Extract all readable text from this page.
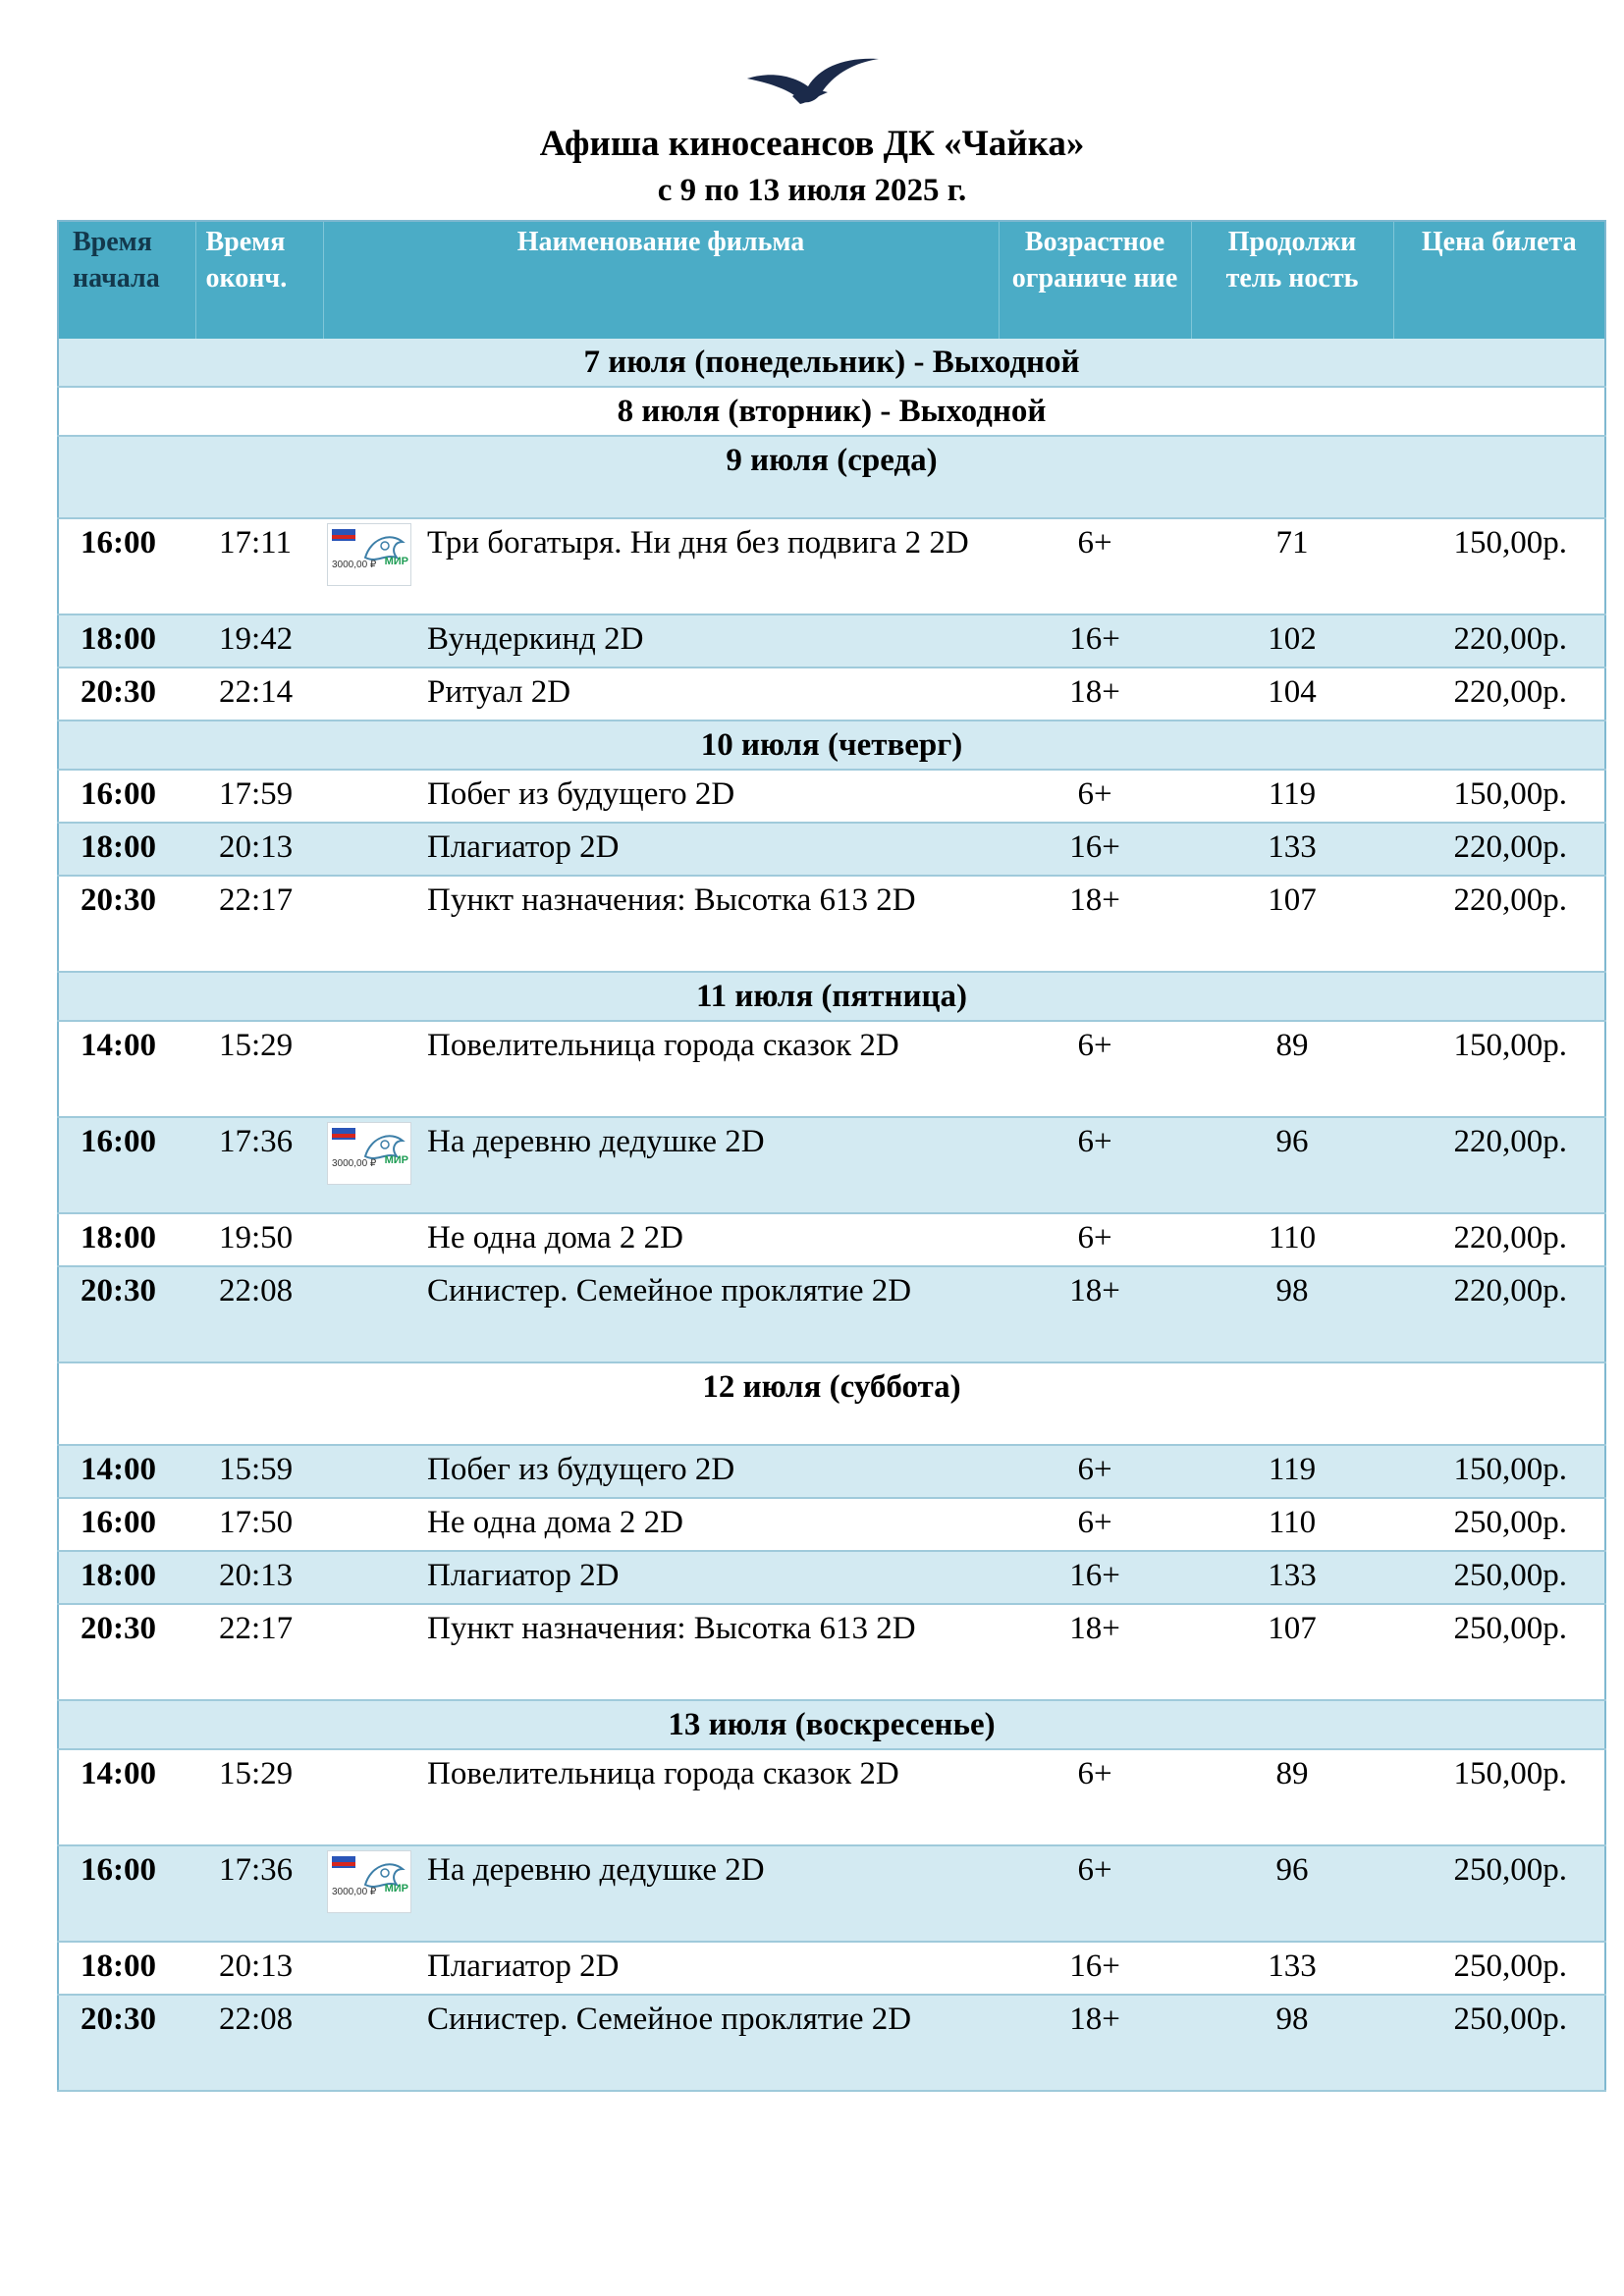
Афиша киносеансов ДК «Чайка»
с 9 по 13 июля 2025 г.
Время начала	Время оконч.	Наименование фильма		Возрастное ограниче ние	Продолжи тель ность	Цена билета
7 июля (понедельник) - Выходной						
8 июля (вторник) - Выходной						
9 июля (среда)						
16:00	17:11	3000,00 ₽ МИР	Три богатыря. Ни дня без подвига 2 2D	6+	71	150,00р.
18:00	19:42		Вундеркинд 2D	16+	102	220,00р.
20:30	22:14		Ритуал 2D	18+	104	220,00р.
10 июля (четверг)						
16:00	17:59		Побег из будущего 2D	6+	119	150,00р.
18:00	20:13		Плагиатор 2D	16+	133	220,00р.
20:30	22:17		Пункт назначения: Высотка 613 2D	18+	107	220,00р.
11 июля (пятница)						
14:00	15:29		Повелительница города сказок 2D	6+	89	150,00р.
16:00	17:36	3000,00 ₽ МИР	На деревню дедушке 2D	6+	96	220,00р.
18:00	19:50		Не одна дома 2 2D	6+	110	220,00р.
20:30	22:08		Синистер. Семейное проклятие 2D	18+	98	220,00р.
12 июля (суббота)						
14:00	15:59		Побег из будущего 2D	6+	119	150,00р.
16:00	17:50		Не одна дома 2 2D	6+	110	250,00р.
18:00	20:13		Плагиатор 2D	16+	133	250,00р.
20:30	22:17		Пункт назначения: Высотка 613 2D	18+	107	250,00р.
13 июля (воскресенье)						
14:00	15:29		Повелительница города сказок 2D	6+	89	150,00р.
16:00	17:36	3000,00 ₽ МИР	На деревню дедушке 2D	6+	96	250,00р.
18:00	20:13		Плагиатор 2D	16+	133	250,00р.
20:30	22:08		Синистер. Семейное проклятие 2D	18+	98	250,00р.
